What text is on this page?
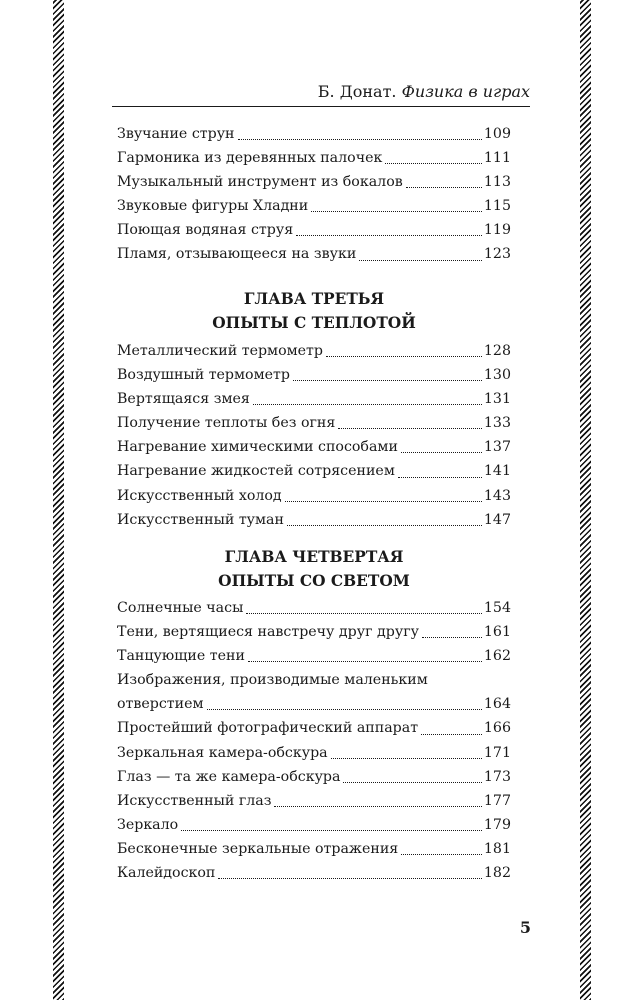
Б. Донат. Физика в играх
Звучание струн	109
Гармоника из деревянных палочек	111
Музыкальный инструмент из бокалов	113
Звуковые фигуры Хладни	115
Поющая водяная струя	119
Пламя, отзывающееся на звуки	123
ГЛАВА ТРЕТЬЯ
ОПЫТЫ С ТЕПЛОТОЙ
Металлический термометр	128
Воздушный термометр	130
Вертящаяся змея	131
Получение теплоты без огня	133
Нагревание химическими способами	137
Нагревание жидкостей сотрясением	141
Искусственный холод	143
Искусственный туман	147
ГЛАВА ЧЕТВЕРТАЯ
ОПЫТЫ СО СВЕТОМ
Солнечные часы	154
Тени, вертящиеся навстречу друг другу	161
Танцующие тени	162
Изображения, производимые маленьким
отверстием	164
Простейший фотографический аппарат	166
Зеркальная камера-обскура	171
Глаз — та же камера-обскура	173
Искусственный глаз	177
Зеркало	179
Бесконечные зеркальные отражения	181
Калейдоскоп	182
5
